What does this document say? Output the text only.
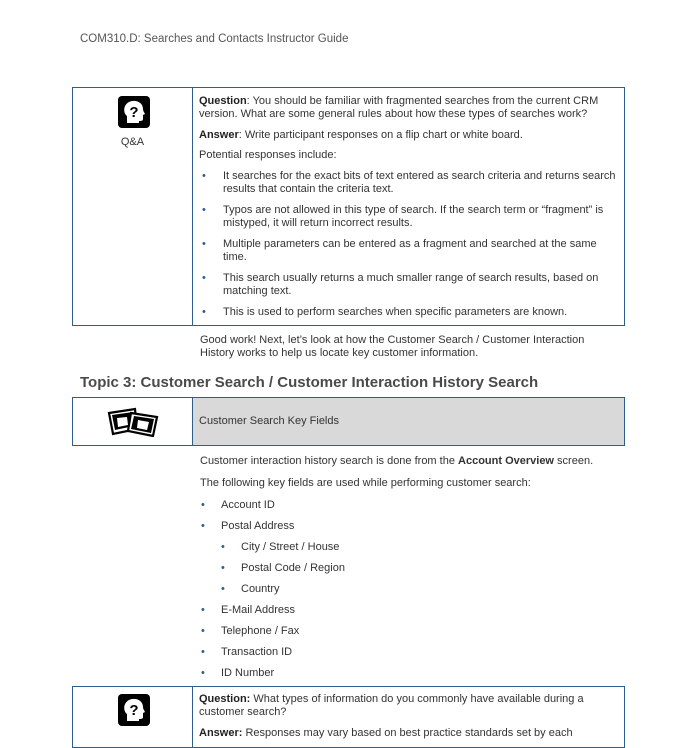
COM310.D: Searches and Contacts Instructor Guide
?
Q&A

Question: You should be familiar with fragmented searches from the current CRM version. What are some general rules about how these types of searches work?

Answer: Write participant responses on a flip chart or white board.

Potential responses include:

• It searches for the exact bits of text entered as search criteria and returns search results that contain the criteria text.
• Typos are not allowed in this type of search. If the search term or “fragment” is mistyped, it will return incorrect results.
• Multiple parameters can be entered as a fragment and searched at the same time.
• This search usually returns a much smaller range of search results, based on matching text.
• This is used to perform searches when specific parameters are known.

Good work! Next, let’s look at how the Customer Search / Customer Interaction History works to help us locate key customer information.

Topic 3: Customer Search / Customer Interaction History Search
Customer Search Key Fields

Customer interaction history search is done from the Account Overview screen.

The following key fields are used while performing customer search:

• Account ID
• Postal Address
• City / Street / House
• Postal Code / Region
• Country
• E-Mail Address
• Telephone / Fax
• Transaction ID
• ID Number
?

Question: What types of information do you commonly have available during a customer search?

Answer: Responses may vary based on best practice standards set by each
